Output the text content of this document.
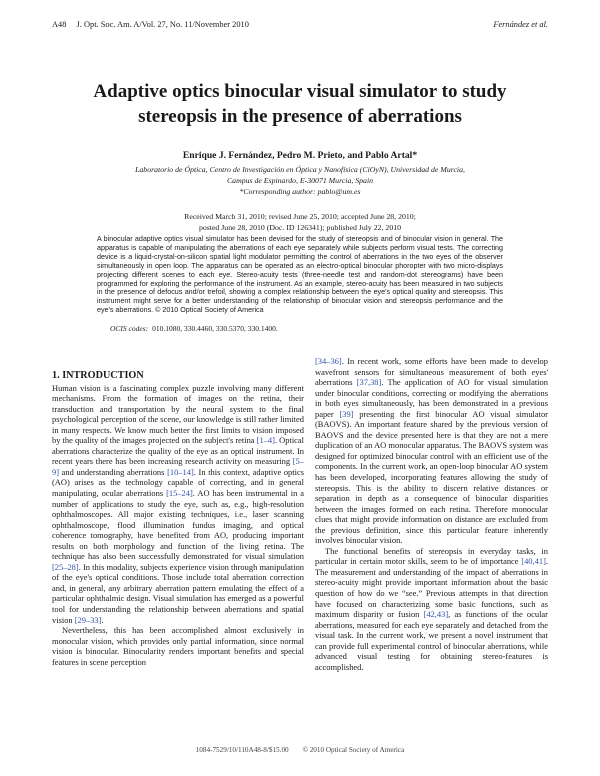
A48 J. Opt. Soc. Am. A/Vol. 27, No. 11/November 2010	Fernández et al.
Adaptive optics binocular visual simulator to study stereopsis in the presence of aberrations
Enrique J. Fernández, Pedro M. Prieto, and Pablo Artal*
Laboratorio de Óptica, Centro de Investigación en Óptica y Nanofísica (CiOyN), Universidad de Murcia,
Campus de Espinardo, E-30071 Murcia, Spain
*Corresponding author: pablo@um.es
Received March 31, 2010; revised June 25, 2010; accepted June 28, 2010;
posted June 28, 2010 (Doc. ID 126341); published July 22, 2010
A binocular adaptive optics visual simulator has been devised for the study of stereopsis and of binocular vision in general. The apparatus is capable of manipulating the aberrations of each eye separately while subjects perform visual tests. The correcting device is a liquid-crystal-on-silicon spatial light modulator permitting the control of aberrations in the two eyes of the observer simultaneously in open loop. The apparatus can be operated as an electro-optical binocular phoropter with two micro-displays projecting different scenes to each eye. Stereo-acuity tests (three-needle test and random-dot stereograms) have been programmed for exploring the performance of the instrument. As an example, stereo-acuity has been measured in two subjects in the presence of defocus and/or trefoil, showing a complex relationship between the eye's optical quality and stereopsis. This instrument might serve for a better understanding of the relationship of binocular vision and stereopsis performance and the eye's aberrations. © 2010 Optical Society of America
OCIS codes: 010.1080, 330.4460, 330.5370, 330.1400.
1. INTRODUCTION

Human vision is a fascinating complex puzzle involving many different mechanisms. From the formation of images on the retina, their transduction and transportation by the neural system to the final psychological perception of the scene, our knowledge is still rather limited in many respects. We know much better the first limits to vision imposed by the quality of the images projected on the subject's retina [1–4]. Optical aberrations characterize the quality of the eye as an optical instrument. In recent years there has been increasing research activity on measuring [5–9] and understanding aberrations [10–14]. In this context, adaptive optics (AO) arises as the technology capable of correcting, and in general manipulating, ocular aberrations [15–24]. AO has been instrumental in a number of applications to study the eye, such as, e.g., high-resolution ophthalmoscopes. All major existing techniques, i.e., laser scanning ophthalmoscope, flood illumination fundus imaging, and optical coherence tomography, have benefited from AO, producing important results on both morphology and function of the living retina. The technique has also been successfully demonstrated for visual simulation [25–28]. In this modality, subjects experience vision through manipulation of the eye's optical conditions. Those include total aberration correction and, in general, any arbitrary aberration pattern emulating the effect of a particular ophthalmic design. Visual simulation has emerged as a powerful tool for understanding the relationship between aberrations and spatial vision [29–33].

Nevertheless, this has been accomplished almost exclusively in monocular vision, which provides only partial information, since normal vision is binocular. Binocularity renders important benefits and special features in scene perception

[34–36]. In recent work, some efforts have been made to develop wavefront sensors for simultaneous measurement of both eyes' aberrations [37,38]. The application of AO for visual simulation under binocular conditions, correcting or modifying the aberrations in both eyes simultaneously, has been demonstrated in a previous paper [39] presenting the first binocular AO visual simulator (BAOVS). An important feature shared by the previous version of BAOVS and the device presented here is that they are not a mere duplication of an AO monocular apparatus. The BAOVS system was designed for optimized binocular control with an efficient use of the components. In the current work, an open-loop binocular AO system has been developed, incorporating features allowing the study of stereopsis. This is the ability to discern relative distances or separation in depth as a consequence of binocular disparities between the images formed on each retina. Therefore monocular clues that might provide information on distance are excluded from the previous definition, since this particular feature inherently involves binocular vision.

The functional benefits of stereopsis in everyday tasks, in particular in certain motor skills, seem to be of importance [40,41]. The measurement and understanding of the impact of aberrations in stereo-acuity might provide important information about the basic question of how do we “see.” Previous attempts in that direction have focused on characterizing some basic functions, such as maximum disparity or fusion [42,43], as functions of the ocular aberrations, measured for each eye separately and detached from the visual task. In the current work, we present a novel instrument that can provide full experimental control of binocular aberrations, while advanced visual testing for obtaining stereo-features is accomplished.

1084-7529/10/110A48-8/$15.00 © 2010 Optical Society of America
